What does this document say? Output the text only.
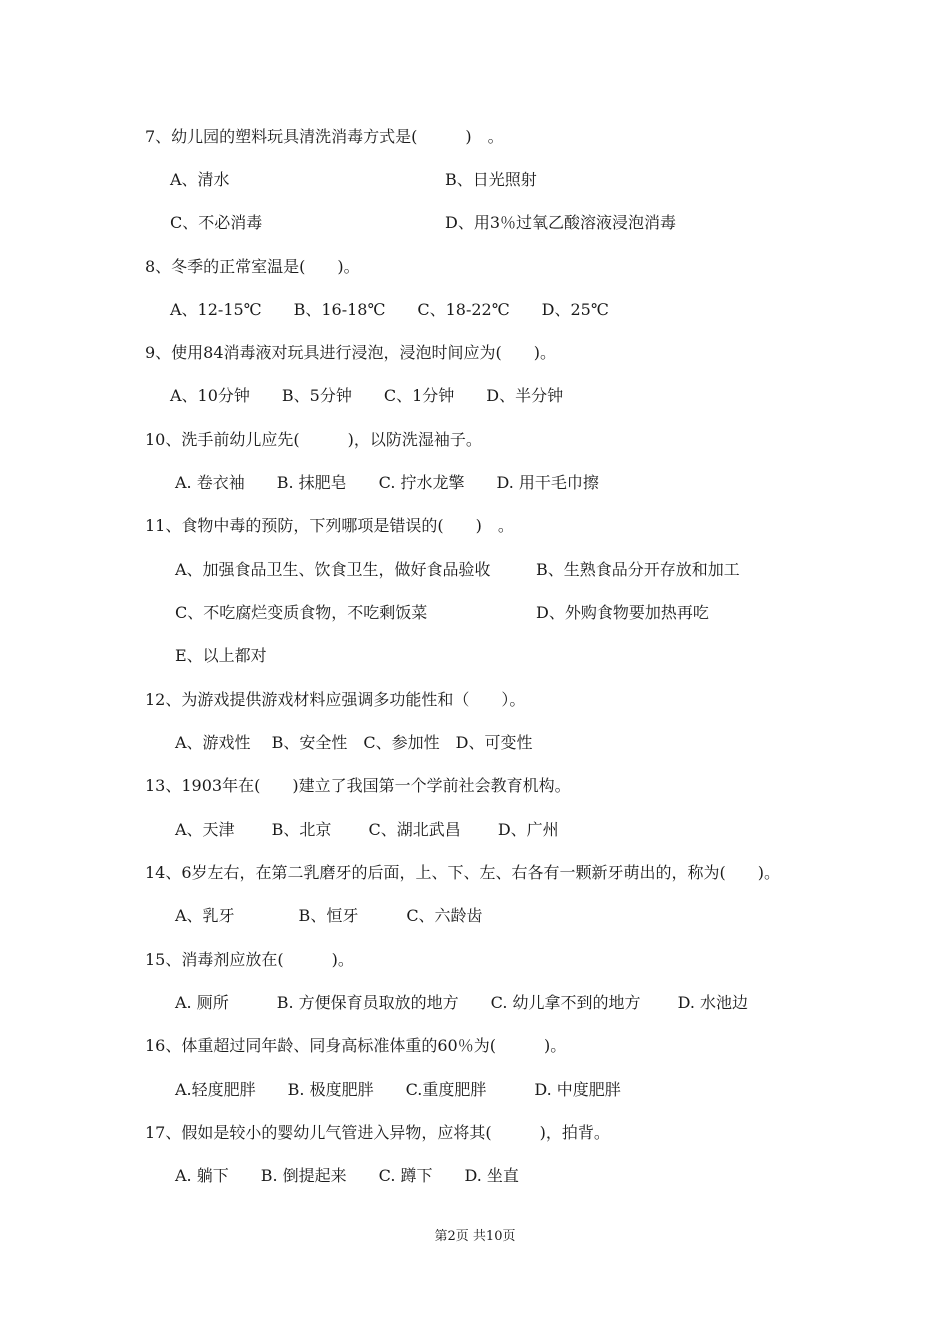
7、幼儿园的塑料玩具清洗消毒方式是(　　　)　。
A、清水	B、日光照射
C、不必消毒	D、用3％过氧乙酸溶液浸泡消毒
8、冬季的正常室温是(　　)。
A、12-15℃　　B、16-18℃　　C、18-22℃　　D、25℃
9、使用84消毒液对玩具进行浸泡，浸泡时间应为(　　)。
A、10分钟　　B、5分钟　　C、1分钟　　D、半分钟
10、洗手前幼儿应先(　　　)，以防洗湿袖子。
A. 卷衣袖　　B. 抹肥皂　　C. 拧水龙擎　　D. 用干毛巾擦
11、食物中毒的预防，下列哪项是错误的(　　)　。
A、加强食品卫生、饮食卫生，做好食品验收	B、生熟食品分开存放和加工
C、不吃腐烂变质食物，不吃剩饭菜	D、外购食物要加热再吃
E、以上都对
12、为游戏提供游戏材料应强调多功能性和（　　）。
A、游戏性　 B、安全性　C、参加性　D、可变性
13、1903年在(　　)建立了我国第一个学前社会教育机构。
A、天津　　 B、北京　　 C、湖北武昌　　 D、广州
14、6岁左右，在第二乳磨牙的后面，上、下、左、右各有一颗新牙萌出的，称为(　　)。
A、乳牙　　　　B、恒牙　　　C、六龄齿
15、消毒剂应放在(　　　)。
A. 厕所　　　B. 方便保育员取放的地方　　C. 幼儿拿不到的地方　　 D. 水池边
16、体重超过同年龄、同身高标准体重的60％为(　　　)。
A.轻度肥胖　　B. 极度肥胖　　C.重度肥胖　　　D. 中度肥胖
17、假如是较小的婴幼儿气管进入异物，应将其(　　　)，拍背。
A. 躺下　　B. 倒提起来　　C. 蹲下　　D. 坐直
第2页 共10页
